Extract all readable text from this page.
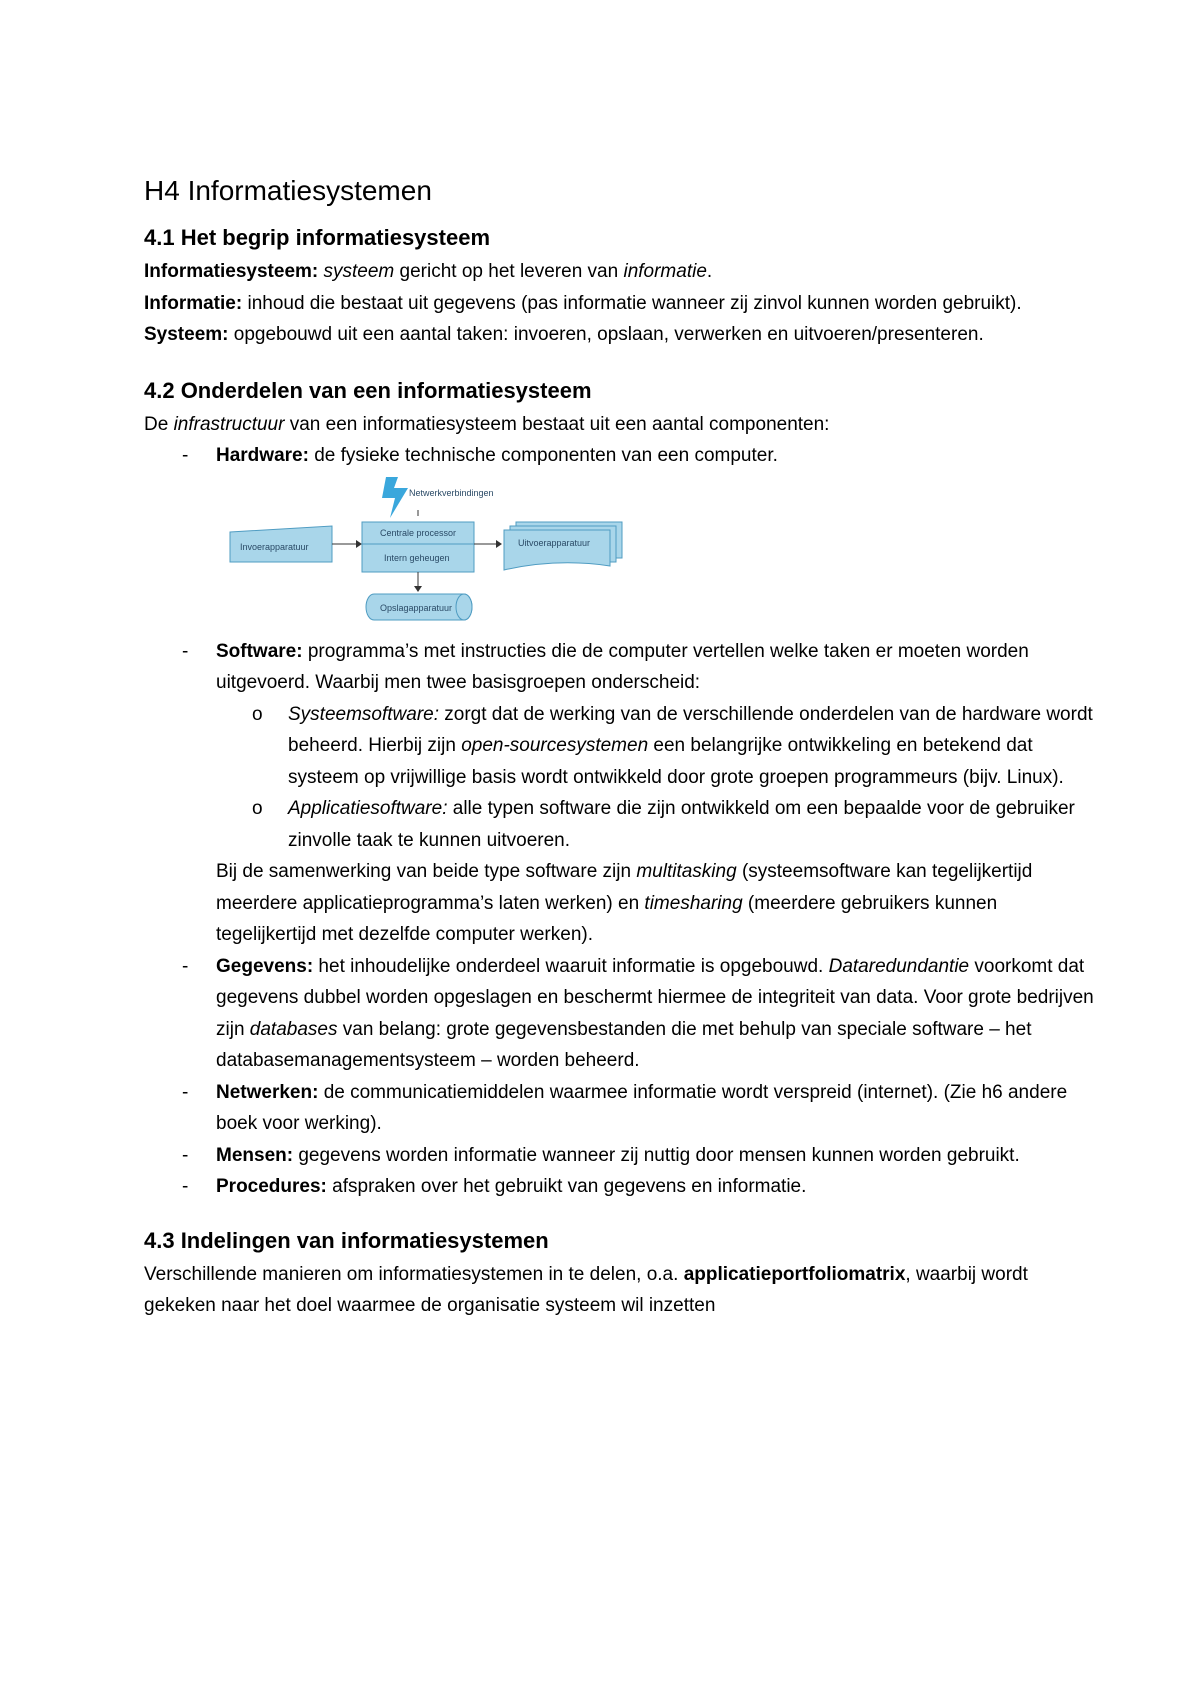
H4 Informatiesystemen
4.1 Het begrip informatiesysteem

Informatiesysteem: systeem gericht op het leveren van informatie.

Informatie: inhoud die bestaat uit gegevens (pas informatie wanneer zij zinvol kunnen worden gebruikt).

Systeem: opgebouwd uit een aantal taken: invoeren, opslaan, verwerken en uitvoeren/presenteren.

4.2 Onderdelen van een informatiesysteem

De infrastructuur van een informatiesysteem bestaat uit een aantal componenten:

- Hardware: de fysieke technische componenten van een computer.
Netwerkverbindingen
Invoerapparatuur
Centrale processor
Intern geheugen
Uitvoerapparatuur
Opslagapparatuur
- Software: programma’s met instructies die de computer vertellen welke taken er moeten worden uitgevoerd. Waarbij men twee basisgroepen onderscheid:
o Systeemsoftware: zorgt dat de werking van de verschillende onderdelen van de hardware wordt beheerd. Hierbij zijn open-sourcesystemen een belangrijke ontwikkeling en betekend dat systeem op vrijwillige basis wordt ontwikkeld door grote groepen programmeurs (bijv. Linux).
o Applicatiesoftware: alle typen software die zijn ontwikkeld om een bepaalde voor de gebruiker zinvolle taak te kunnen uitvoeren.

Bij de samenwerking van beide type software zijn multitasking (systeemsoftware kan tegelijkertijd meerdere applicatieprogramma’s laten werken) en timesharing (meerdere gebruikers kunnen tegelijkertijd met dezelfde computer werken).

- Gegevens: het inhoudelijke onderdeel waaruit informatie is opgebouwd. Dataredundantie voorkomt dat gegevens dubbel worden opgeslagen en beschermt hiermee de integriteit van data. Voor grote bedrijven zijn databases van belang: grote gegevensbestanden die met behulp van speciale software – het databasemanagementsysteem – worden beheerd.
- Netwerken: de communicatiemiddelen waarmee informatie wordt verspreid (internet). (Zie h6 andere boek voor werking).
- Mensen: gegevens worden informatie wanneer zij nuttig door mensen kunnen worden gebruikt.
- Procedures: afspraken over het gebruikt van gegevens en informatie.
4.3 Indelingen van informatiesystemen

Verschillende manieren om informatiesystemen in te delen, o.a. applicatieportfoliomatrix, waarbij wordt gekeken naar het doel waarmee de organisatie systeem wil inzetten
